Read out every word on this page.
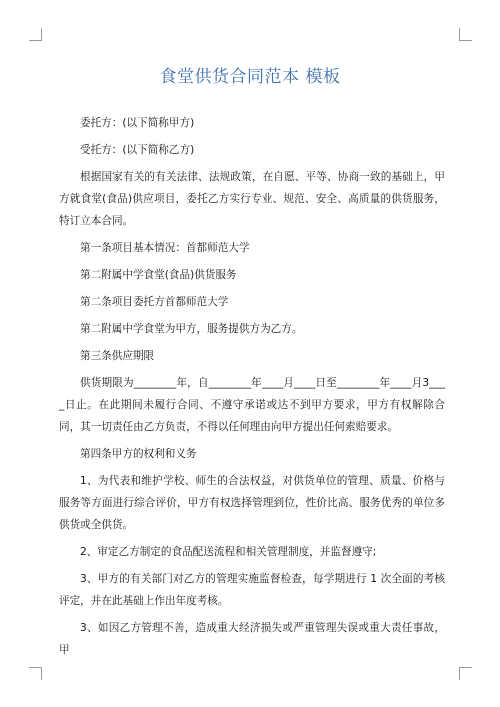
食堂供货合同范本 模板

委托方：(以下简称甲方)

受托方：(以下简称乙方)

根据国家有关的有关法律、法规政策，在自愿、平等、协商一致的基础上，甲方就食堂(食品)供应项目，委托乙方实行专业、规范、安全、高质量的供货服务，特订立本合同。

第一条项目基本情况：首都师范大学

第二附属中学食堂(食品)供货服务

第二条项目委托方首都师范大学

第二附属中学食堂为甲方，服务提供方为乙方。

第三条供应期限

供货期限为________年，自________年____月____日至________年____月3____日止。在此期间未履行合同、不遵守承诺或达不到甲方要求，甲方有权解除合同，其一切责任由乙方负责，不得以任何理由向甲方提出任何索赔要求。

第四条甲方的权利和义务

1、为代表和维护学校、师生的合法权益，对供货单位的管理、质量、价格与服务等方面进行综合评价，甲方有权选择管理到位，性价比高、服务优秀的单位多供货或全供货。

2、审定乙方制定的食品配送流程和相关管理制度，并监督遵守;

3、甲方的有关部门对乙方的管理实施监督检查，每学期进行 1 次全面的考核评定，并在此基础上作出年度考核。

3、如因乙方管理不善，造成重大经济损失或严重管理失误或重大责任事故，甲
